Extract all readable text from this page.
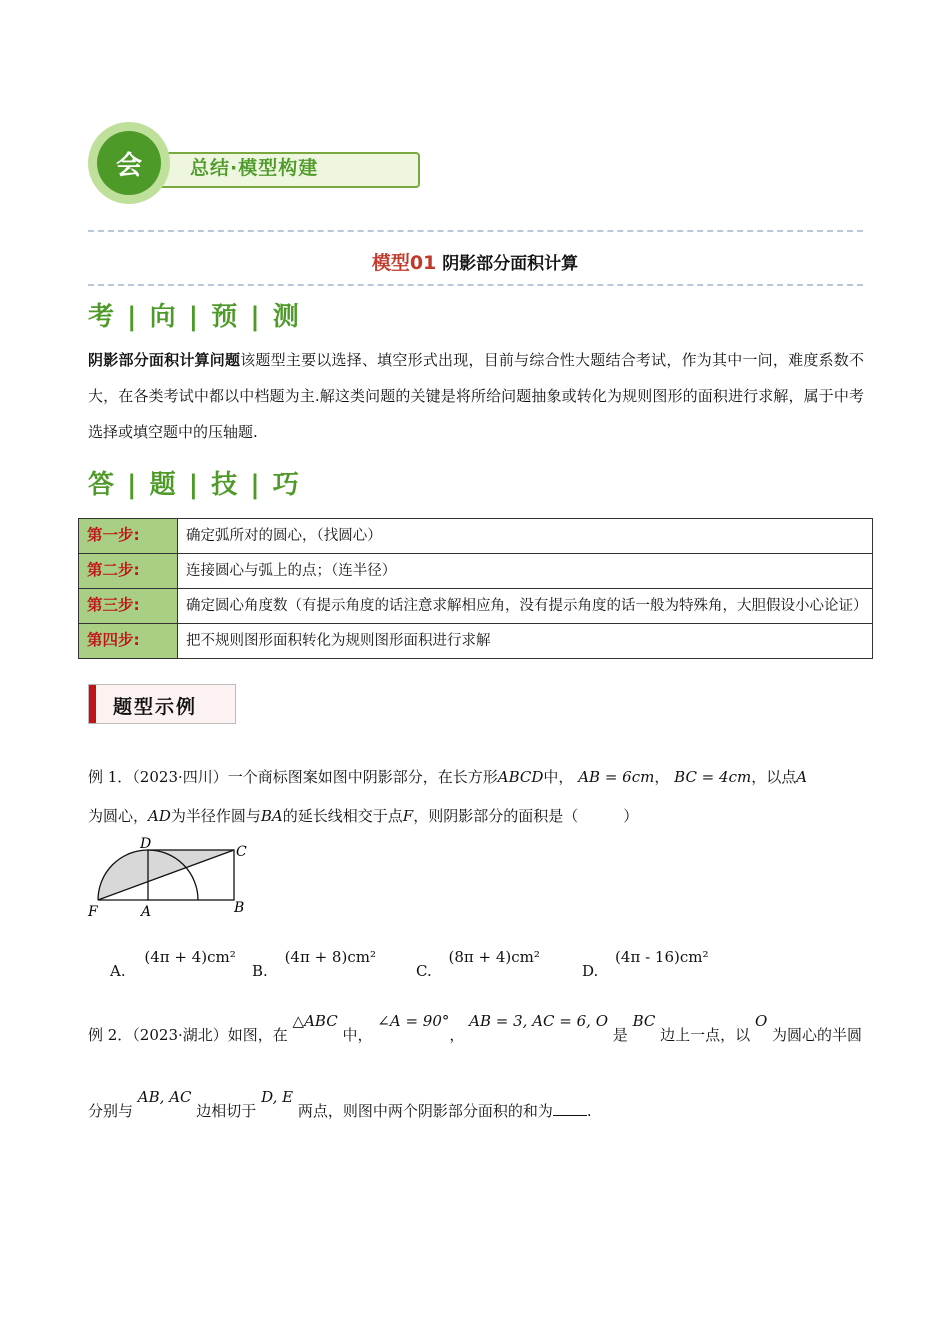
会	总结·模型构建
模型01 阴影部分面积计算
考 | 向 | 预 | 测
阴影部分面积计算问题该题型主要以选择、填空形式出现，目前与综合性大题结合考试，作为其中一问，难度系数不大，在各类考试中都以中档题为主.解这类问题的关键是将所给问题抽象或转化为规则图形的面积进行求解，属于中考选择或填空题中的压轴题.
答 | 题 | 技 | 巧
第一步:	确定弧所对的圆心，（找圆心）
第二步:	连接圆心与弧上的点；（连半径）
第三步:	确定圆心角度数（有提示角度的话注意求解相应角，没有提示角度的话一般为特殊角，大胆假设小心论证）
第四步:	把不规则图形面积转化为规则图形面积进行求解
题型示例
例 1．（2023·四川）一个商标图案如图中阴影部分，在长方形ABCD中， AB = 6cm， BC = 4cm，以点A
为圆心，AD为半径作圆与BA的延长线相交于点F，则阴影部分的面积是（　　　）
D	C
F	A	B
A. (4π + 4)cm²
B. (4π + 8)cm²
C. (8π + 4)cm²
D. (4π - 16)cm²
例 2．（2023·湖北）如图，在 △ABC 中， ∠A = 90°， AB = 3, AC = 6, O 是 BC 边上一点，以 O 为圆心的半圆
分别与 AB, AC 边相切于 D, E 两点，则图中两个阴影部分面积的和为 .
